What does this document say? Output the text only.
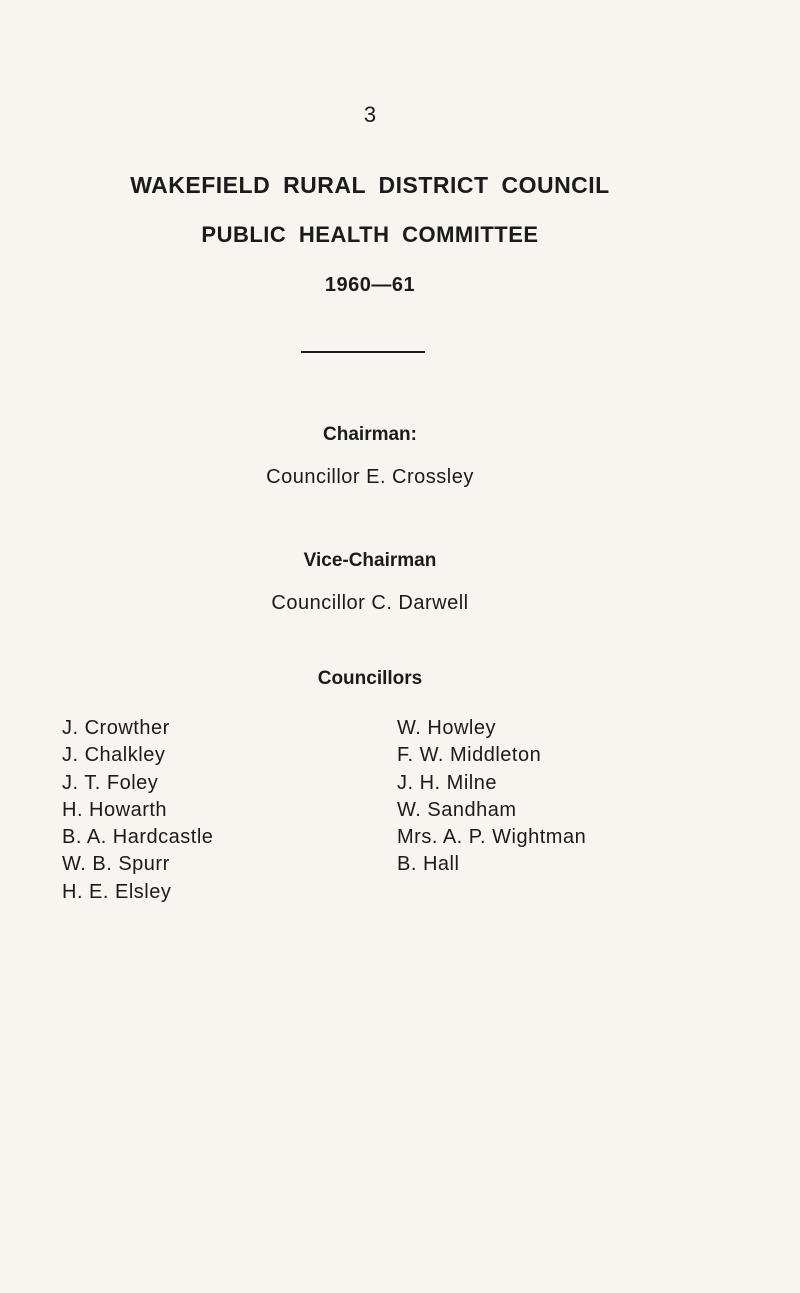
3
WAKEFIELD RURAL DISTRICT COUNCIL
PUBLIC HEALTH COMMITTEE
1960—61
Chairman:
Councillor E. Crossley
Vice-Chairman
Councillor C. Darwell
Councillors
J. Crowther
J. Chalkley
J. T. Foley
H. Howarth
B. A. Hardcastle
W. B. Spurr
H. E. Elsley
W. Howley
F. W. Middleton
J. H. Milne
W. Sandham
Mrs. A. P. Wightman
B. Hall
